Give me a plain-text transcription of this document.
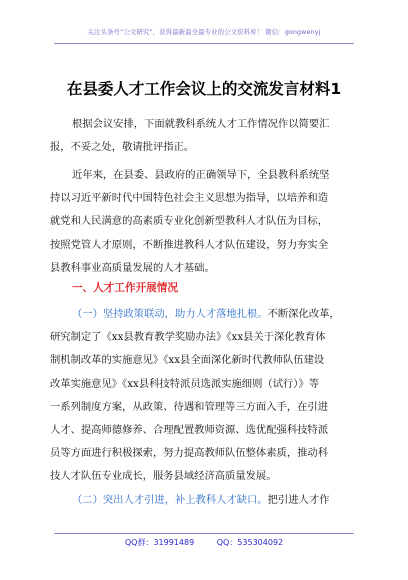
关注头条号“公文研究”，获得最新最全最专业的公文资料库！ 微信：gongwenyj
在县委人才工作会议上的交流发言材料1

根据会议安排，下面就教科系统人才工作情况作以简要汇
报，不妥之处，敬请批评指正。

近年来，在县委、县政府的正确领导下，全县教科系统坚
持以习近平新时代中国特色社会主义思想为指导，以培养和造
就党和人民满意的高素质专业化创新型教科人才队伍为目标，
按照党管人才原则，不断推进教科人才队伍建设，努力夯实全
县教科事业高质量发展的人才基础。

一、人才工作开展情况

（一）坚持政策联动，助力人才落地扎根。不断深化改革，
研究制定了《xx县教育教学奖励办法》《xx县关于深化教育体
制机制改革的实施意见》《xx县全面深化新时代教师队伍建设
改革实施意见》《xx县科技特派员选派实施细则（试行）》等
一系列制度方案，从政策、待遇和管理等三方面入手，在引进
人才、提高师德修养、合理配置教师资源、选优配强科技特派
员等方面进行积极探索，努力提高教师队伍整体素质，推动科
技人才队伍专业成长，服务县域经济高质量发展。

（二）突出人才引进，补上教科人才缺口。把引进人才作

QQ群：31991489	QQ：535304092
